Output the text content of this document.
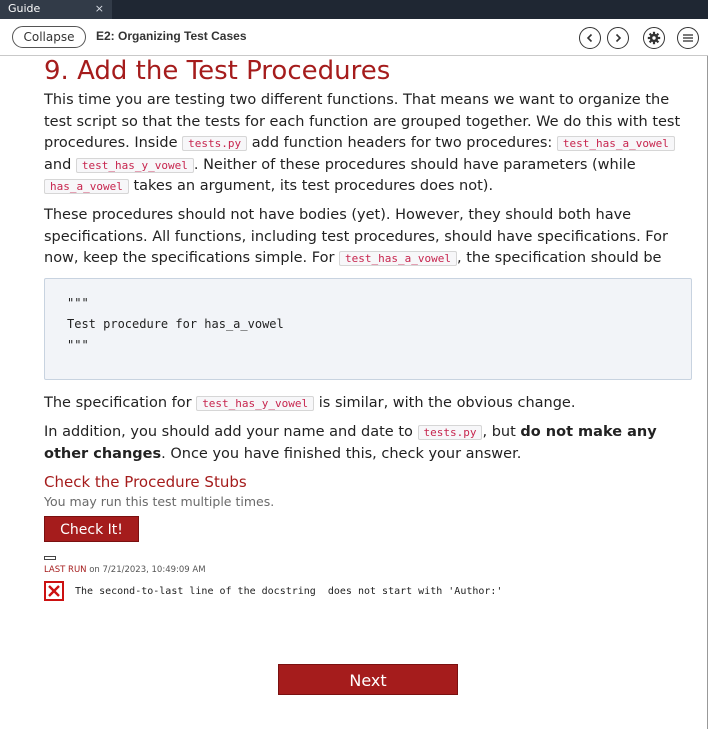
Guide	×
Collapse	E2: Organizing Test Cases
9. Add the Test Procedures

This time you are testing two different functions. That means we want to organize the test script so that the tests for each function are grouped together. We do this with test procedures. Inside tests.py add function headers for two procedures: test_has_a_vowel and test_has_y_vowel . Neither of these procedures should have parameters (while has_a_vowel takes an argument, its test procedures does not).

These procedures should not have bodies (yet). However, they should both have specifications. All functions, including test procedures, should have specifications. For now, keep the specifications simple. For test_has_a_vowel , the specification should be

"""
Test procedure for has_a_vowel
"""

The specification for test_has_y_vowel is similar, with the obvious change.

In addition, you should add your name and date to tests.py , but do not make any other changes. Once you have finished this, check your answer.

Check the Procedure Stubs
You may run this test multiple times.
Check It!
LAST RUN on 7/21/2023, 10:49:09 AM
The second-to-last line of the docstring  does not start with 'Author:'
Next
